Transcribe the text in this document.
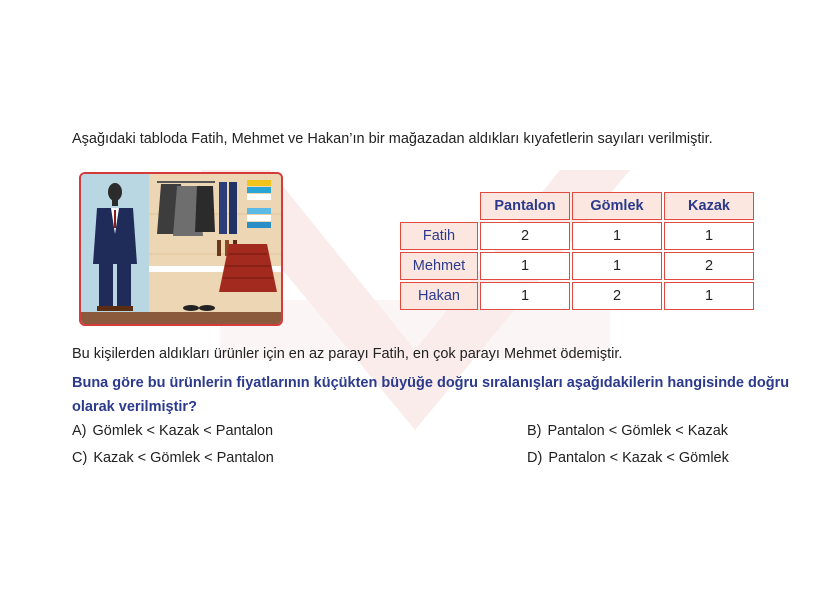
Aşağıdaki tabloda Fatih, Mehmet ve Hakan’ın bir mağazadan aldıkları kıyafetlerin sayıları verilmiştir.
	Pantalon	Gömlek	Kazak
Fatih	2	1	1
Mehmet	1	1	2
Hakan	1	2	1
Bu kişilerden aldıkları ürünler için en az parayı Fatih, en çok parayı Mehmet ödemiştir.
Buna göre bu ürünlerin fiyatlarının küçükten büyüğe doğru sıralanışları aşağıdakilerin hangisinde doğru olarak verilmiştir?
A) Gömlek < Kazak < Pantalon	B) Pantalon < Gömlek < Kazak
C) Kazak < Gömlek < Pantalon	D) Pantalon < Kazak < Gömlek
